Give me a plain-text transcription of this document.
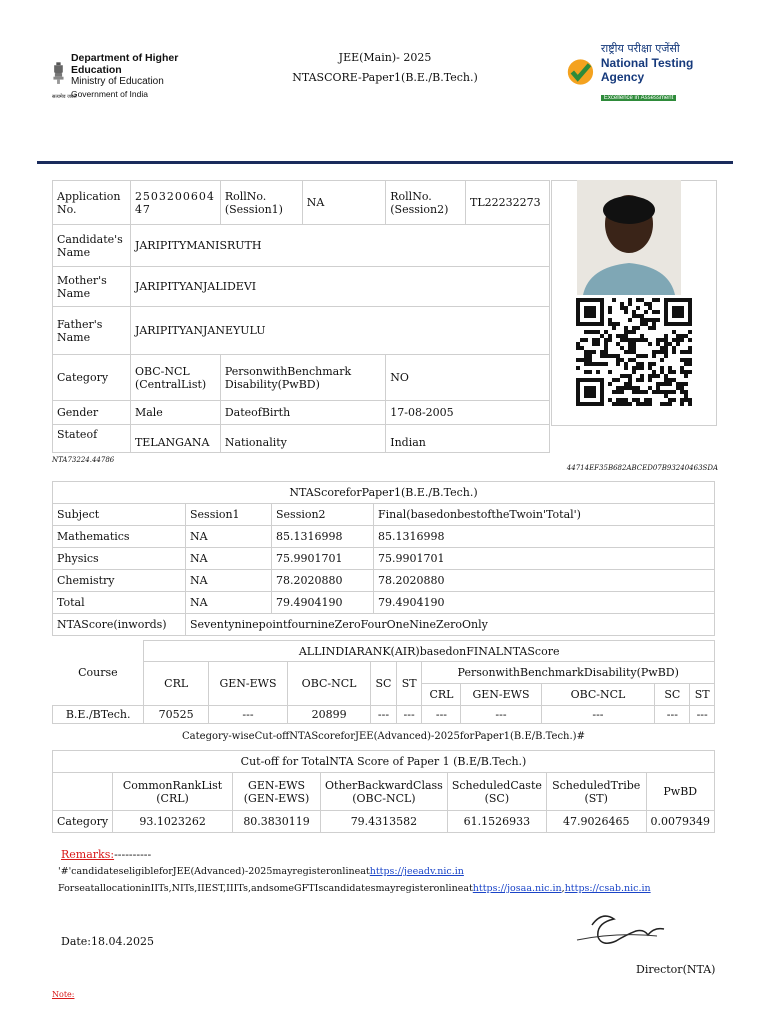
Department of Higher Education
Ministry of Education
Government of India
सत्यमेव जयते
JEE(Main)- 2025
NTASCORE-Paper1(B.E./B.Tech.)
राष्ट्रीय परीक्षा एजेंसी
National Testing Agency
Excellence in Assessment
Application No.	250320060447	RollNo. (Session1)	NA	RollNo. (Session2)	TL22232273
Candidate's Name	JARIPITYMANISRUTH				
Mother's Name	JARIPITYANJALIDEVI				
Father's Name	JARIPITYANJANEYULU				
Category	OBC-NCL (CentralList)	PersonwithBenchmark Disability(PwBD)		NO	
Gender	Male	DateofBirth		17-08-2005	
Stateof	TELANGANA	Nationality		Indian	
NTA73224.44786
44714EF35B682ABCED07B93240463SDA
NTAScoreforPaper1(B.E./B.Tech.)			
Subject	Session1	Session2	Final(basedonbestoftheTwoin'Total')
Mathematics	NA	85.1316998	85.1316998
Physics	NA	75.9901701	75.9901701
Chemistry	NA	78.2020880	78.2020880
Total	NA	79.4904190	79.4904190
NTAScore(inwords)	SeventyninepointfournineZeroFourOneNineZeroOnly		
Course	ALLINDIARANK(AIR)basedonFINALNTAScore									
	CRL	GEN-EWS	OBC-NCL	SC	ST	PersonwithBenchmarkDisability(PwBD)				
						CRL	GEN-EWS	OBC-NCL	SC	ST
B.E./BTech.	70525	---	20899	---	---	---	---	---	---	---
Category-wiseCut-offNTAScoreforJEE(Advanced)-2025forPaper1(B.E/B.Tech.)#
Cut-off for TotalNTA Score of Paper 1 (B.E/B.Tech.)						
	CommonRankList (CRL)	GEN-EWS (GEN-EWS)	OtherBackwardClass (OBC-NCL)	ScheduledCaste (SC)	ScheduledTribe (ST)	PwBD
Category	93.1023262	80.3830119	79.4313582	61.1526933	47.9026465	0.0079349
Remarks:----------
'#'candidateseligibleforJEE(Advanced)-2025mayregisteronlineathttps://jeeadv.nic.in
ForseatallocationinIITs,NITs,IIEST,IIITs,andsomeGFTIscandidatesmayregisteronlineathttps://josaa.nic.in,https://csab.nic.in
Date:18.04.2025
Director(NTA)
Note:
